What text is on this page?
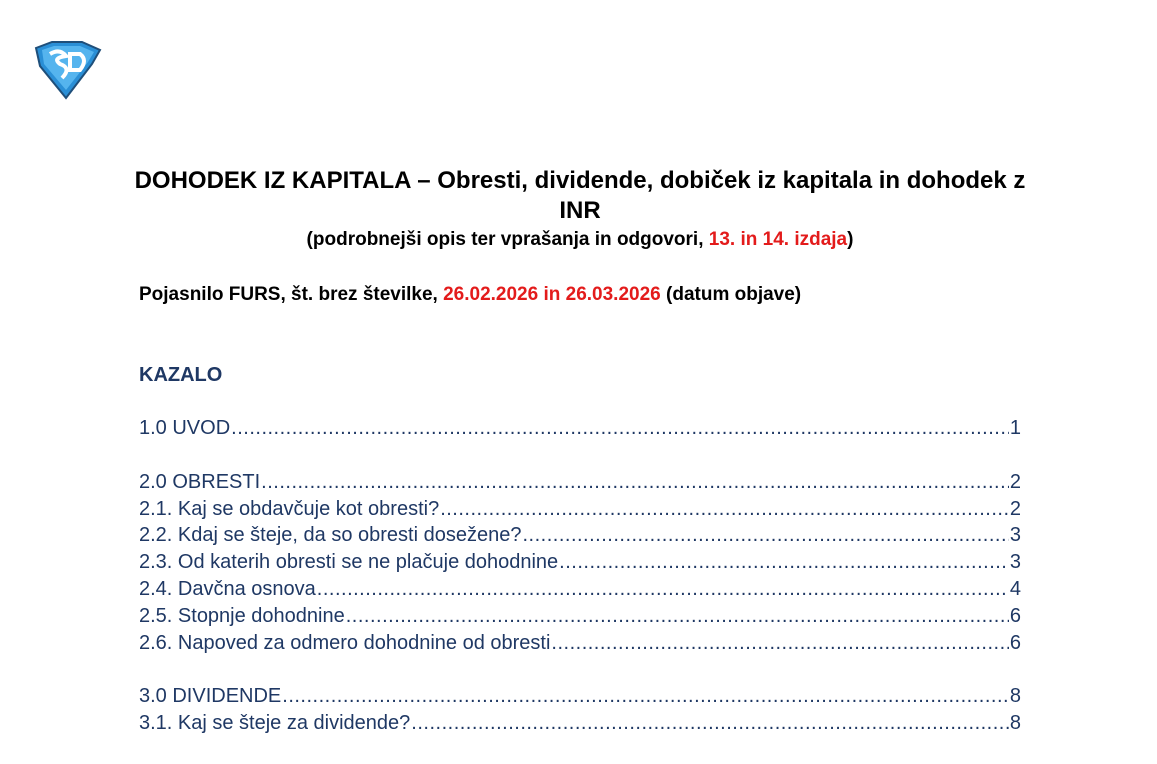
DOHODEK IZ KAPITALA – Obresti, dividende, dobiček iz kapitala in dohodek z INR
(podrobnejši opis ter vprašanja in odgovori, 13. in 14. izdaja)
Pojasnilo FURS, št. brez številke, 26.02.2026 in 26.03.2026 (datum objave)
KAZALO
1.0 UVOD .....	1
2.0 OBRESTI .....	2
2.1. Kaj se obdavčuje kot obresti? .....	2
2.2. Kdaj se šteje, da so obresti dosežene? .....	3
2.3. Od katerih obresti se ne plačuje dohodnine .....	3
2.4. Davčna osnova .....	4
2.5. Stopnje dohodnine .....	6
2.6. Napoved za odmero dohodnine od obresti .....	6
3.0 DIVIDENDE .....	8
3.1. Kaj se šteje za dividende? .....	8
